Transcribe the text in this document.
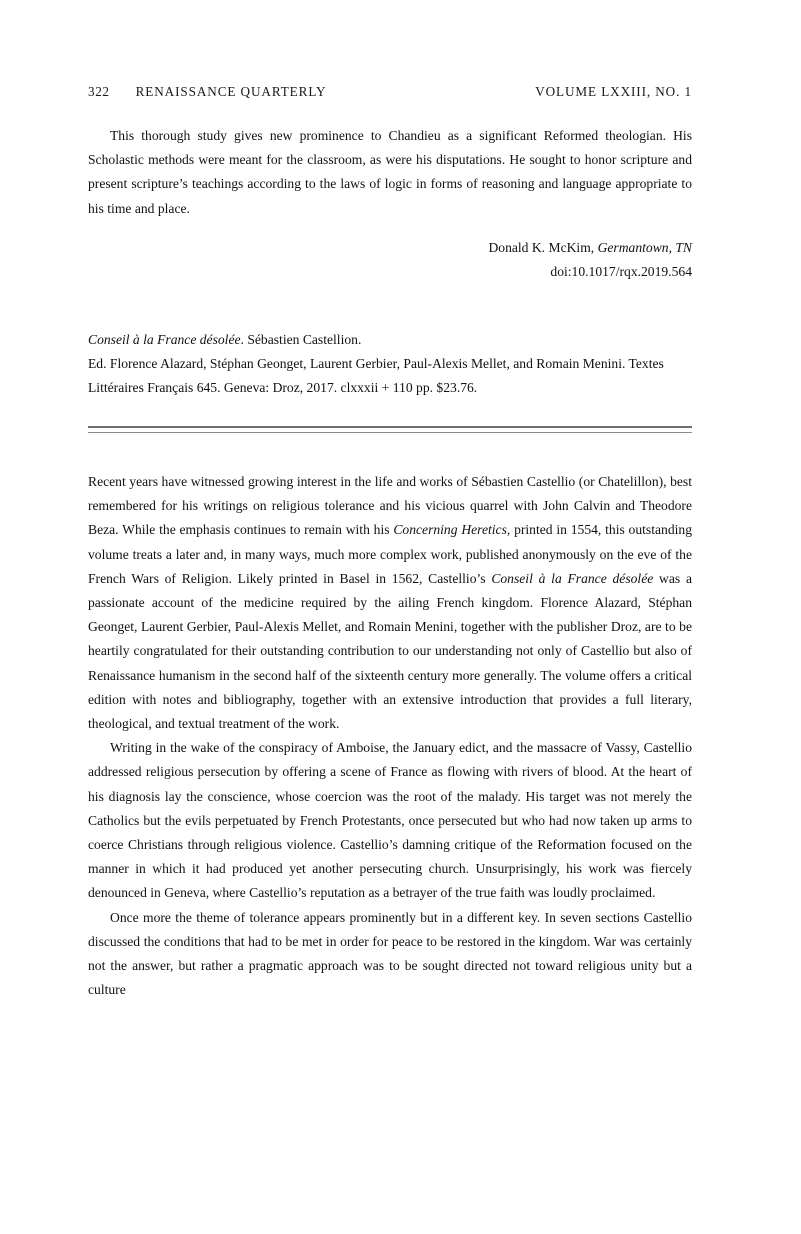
322 RENAISSANCE QUARTERLY	VOLUME LXXIII, NO. 1

This thorough study gives new prominence to Chandieu as a significant Reformed theologian. His Scholastic methods were meant for the classroom, as were his disputations. He sought to honor scripture and present scripture’s teachings according to the laws of logic in forms of reasoning and language appropriate to his time and place.

Donald K. McKim, Germantown, TN
doi:10.1017/rqx.2019.564
Conseil à la France désolée. Sébastien Castellion.
Ed. Florence Alazard, Stéphan Geonget, Laurent Gerbier, Paul-Alexis Mellet, and Romain Menini. Textes Littéraires Français 645. Geneva: Droz, 2017. clxxxii + 110 pp. $23.76.

Recent years have witnessed growing interest in the life and works of Sébastien Castellio (or Chatelillon), best remembered for his writings on religious tolerance and his vicious quarrel with John Calvin and Theodore Beza. While the emphasis continues to remain with his Concerning Heretics, printed in 1554, this outstanding volume treats a later and, in many ways, much more complex work, published anonymously on the eve of the French Wars of Religion. Likely printed in Basel in 1562, Castellio’s Conseil à la France désolée was a passionate account of the medicine required by the ailing French kingdom. Florence Alazard, Stéphan Geonget, Laurent Gerbier, Paul-Alexis Mellet, and Romain Menini, together with the publisher Droz, are to be heartily congratulated for their outstanding contribution to our understanding not only of Castellio but also of Renaissance humanism in the second half of the sixteenth century more generally. The volume offers a critical edition with notes and bibliography, together with an extensive introduction that provides a full literary, theological, and textual treatment of the work.

Writing in the wake of the conspiracy of Amboise, the January edict, and the massacre of Vassy, Castellio addressed religious persecution by offering a scene of France as flowing with rivers of blood. At the heart of his diagnosis lay the conscience, whose coercion was the root of the malady. His target was not merely the Catholics but the evils perpetuated by French Protestants, once persecuted but who had now taken up arms to coerce Christians through religious violence. Castellio’s damning critique of the Reformation focused on the manner in which it had produced yet another persecuting church. Unsurprisingly, his work was fiercely denounced in Geneva, where Castellio’s reputation as a betrayer of the true faith was loudly proclaimed.

Once more the theme of tolerance appears prominently but in a different key. In seven sections Castellio discussed the conditions that had to be met in order for peace to be restored in the kingdom. War was certainly not the answer, but rather a pragmatic approach was to be sought directed not toward religious unity but a culture
